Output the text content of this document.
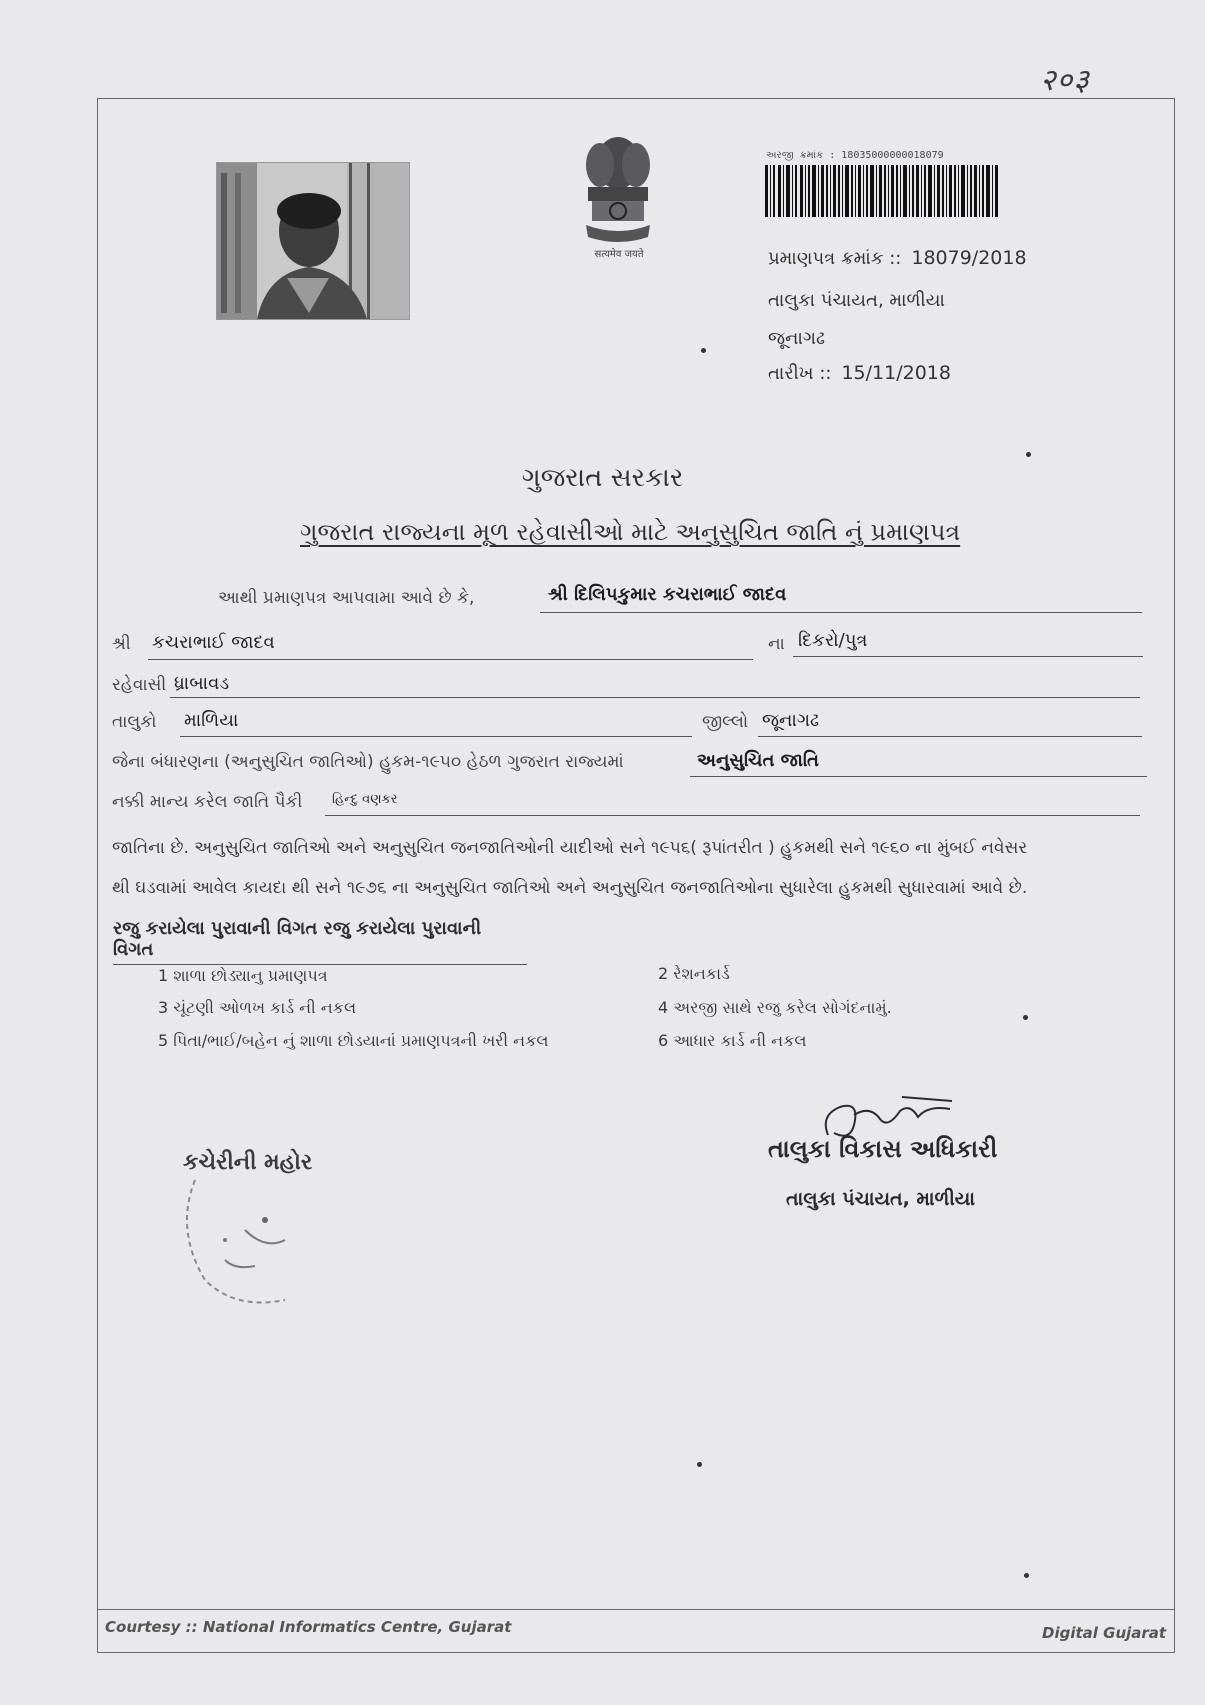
२०३
सत्यमेव जयते
અરજી ક્રમાંક : 18035000000018079
પ્રમાણપત્ર ક્રમાંક :: 18079/2018
તાલુકા પંચાયત, માળીયા
જૂનાગઢ
તારીખ :: 15/11/2018
ગુજરાત સરકાર
ગુજરાત રાજ્યના મૂળ રહેવાસીઓ માટે અનુસુચિત જાતિ નું પ્રમાણપત્ર
આથી પ્રમાણપત્ર આપવામા આવે છે કે,	શ્રી દિલિપકુમાર કચરાભાઈ જાદવ
શ્રી કચરાભાઈ જાદવ	ના દિકરો/પુત્ર
રહેવાસી ધ્રાબાવડ
તાલુકો માળિયા	જીલ્લો જૂનાગઢ
જેના બંધારણના (અનુસુચિત જાતિઓ) હુકમ-૧૯૫૦ હેઠળ ગુજરાત રાજ્યમાં	અનુસુચિત જાતિ
નક્કી માન્ય કરેલ જાતિ પૈકી હિન્દુ વણકર
જાતિના છે. અનુસુચિત જાતિઓ અને અનુસુચિત જનજાતિઓની યાદીઓ સને ૧૯૫૬( રૂપાંતરીત ) હુકમથી સને ૧૯૬૦ ના મુંબઈ નવેસર
થી ઘડવામાં આવેલ કાયદા થી સને ૧૯૭૬ ના અનુસુચિત જાતિઓ અને અનુસુચિત જનજાતિઓના સુધારેલા હુકમથી સુધારવામાં આવે છે.
રજુ કરાયેલા પુરાવાની વિગત રજુ કરાયેલા પુરાવાની વિગત
1 શાળા છોડ્યાનુ પ્રમાણપત્ર	2 રેશનકાર્ડ
3 ચૂંટણી ઓળખ કાર્ડ ની નકલ	4 અરજી સાથે રજુ કરેલ સોગંદનામું.
5 પિતા/ભાઈ/બહેન નું શાળા છોડયાનાં પ્રમાણપત્રની ખરી નકલ	6 આધાર કાર્ડ ની નકલ
તાલુકા વિકાસ અધિકારી
તાલુકા પંચાયત, માળીયા
કચેરીની મહોર
Courtesy :: National Informatics Centre, Gujarat	Digital Gujarat
